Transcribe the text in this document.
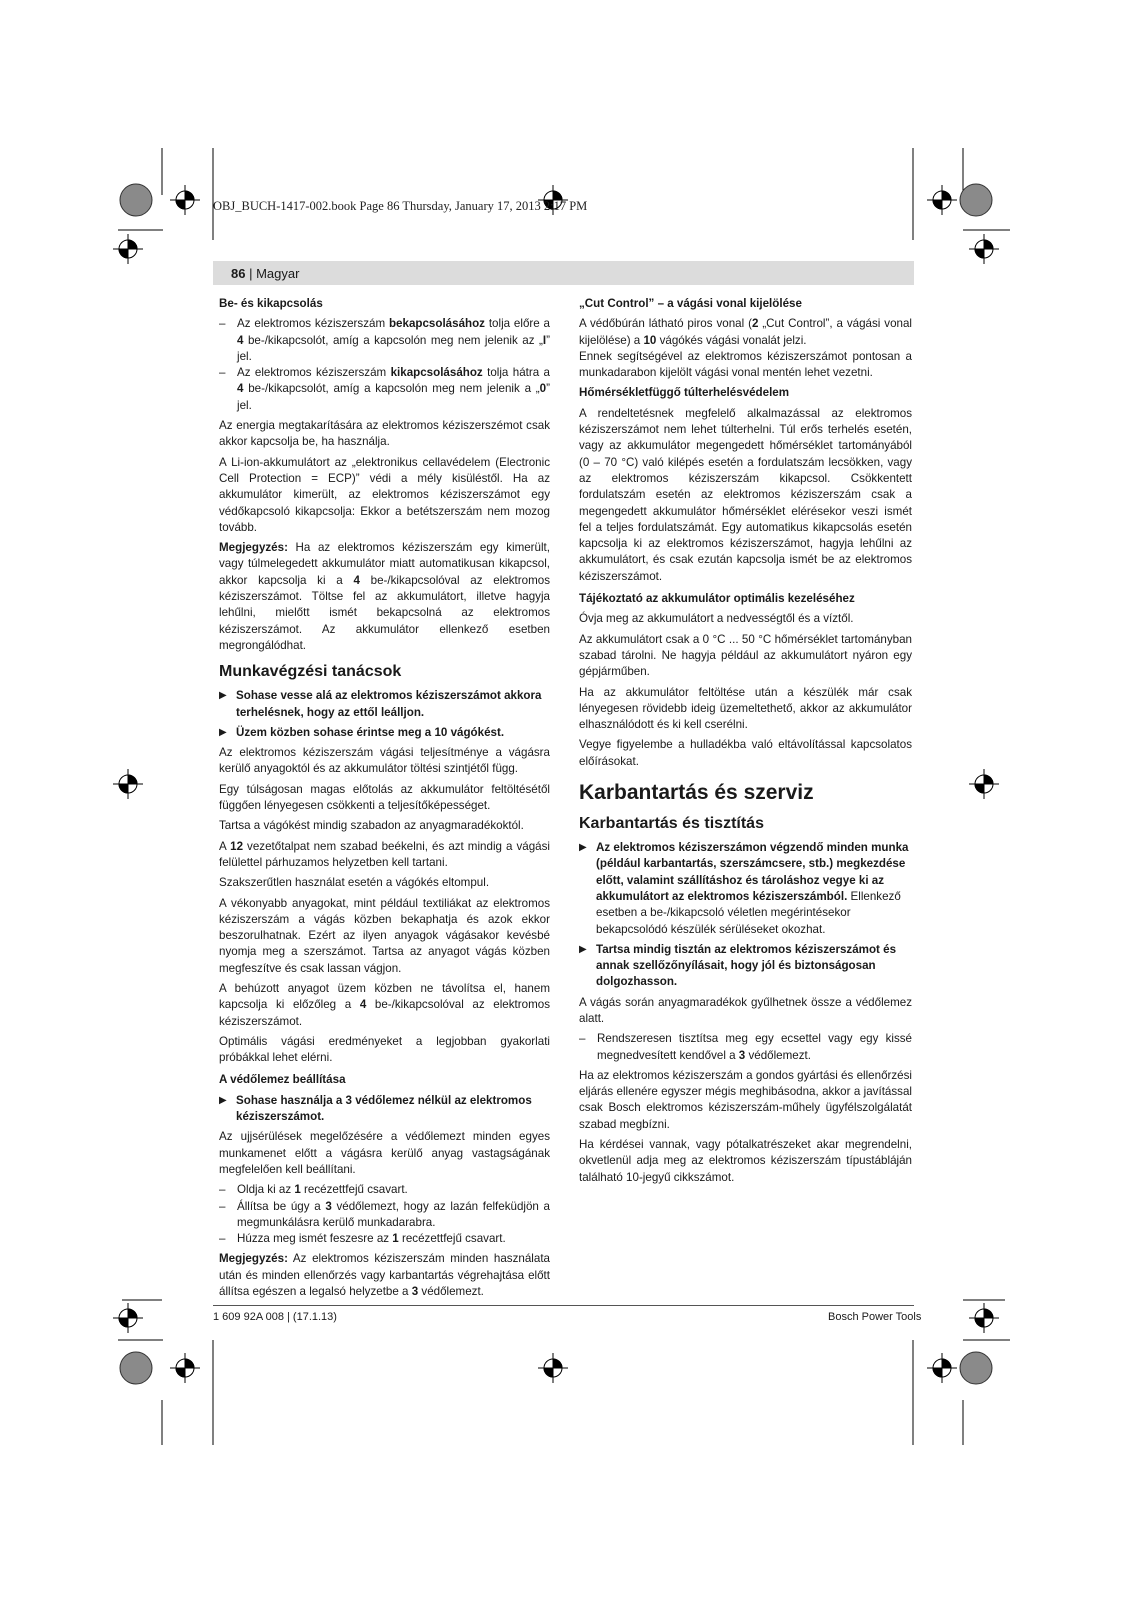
OBJ_BUCH-1417-002.book Page 86 Thursday, January 17, 2013 2:17 PM
86 | Magyar
Be- és kikapcsolás
– Az elektromos kéziszerszám bekapcsolásához tolja előre a 4 be-/kikapcsolót, amíg a kapcsolón meg nem jelenik az „I” jel.
– Az elektromos kéziszerszám kikapcsolásához tolja hátra a 4 be-/kikapcsolót, amíg a kapcsolón meg nem jelenik a „0” jel.

Az energia megtakarítására az elektromos kéziszerszémot csak akkor kapcsolja be, ha használja.

A Li-ion-akkumulátort az „elektronikus cellavédelem (Electronic Cell Protection = ECP)” védi a mély kisüléstől. Ha az akkumulátor kimerült, az elektromos kéziszerszámot egy védőkapcsoló kikapcsolja: Ekkor a betétszerszám nem mozog tovább.

Megjegyzés: Ha az elektromos kéziszerszám egy kimerült, vagy túlmelegedett akkumulátor miatt automatikusan kikapcsol, akkor kapcsolja ki a 4 be-/kikapcsolóval az elektromos kéziszerszámot. Töltse fel az akkumulátort, illetve hagyja lehűlni, mielőtt ismét bekapcsolná az elektromos kéziszerszámot. Az akkumulátor ellenkező esetben megrongálódhat.

Munkavégzési tanácsok
▶ Sohase vesse alá az elektromos kéziszerszámot akkora terhelésnek, hogy az ettől leálljon.
▶ Üzem közben sohase érintse meg a 10 vágókést.

Az elektromos kéziszerszám vágási teljesítménye a vágásra kerülő anyagoktól és az akkumulátor töltési szintjétől függ.

Egy túlságosan magas előtolás az akkumulátor feltöltésétől függően lényegesen csökkenti a teljesítőképességet.

Tartsa a vágókést mindig szabadon az anyagmaradékoktól.

A 12 vezetőtalpat nem szabad beékelni, és azt mindig a vágási felülettel párhuzamos helyzetben kell tartani.

Szakszerűtlen használat esetén a vágókés eltompul.

A vékonyabb anyagokat, mint például textiliákat az elektromos kéziszerszám a vágás közben bekaphatja és azok ekkor beszorulhatnak. Ezért az ilyen anyagok vágásakor kevésbé nyomja meg a szerszámot. Tartsa az anyagot vágás közben megfeszítve és csak lassan vágjon.

A behúzott anyagot üzem közben ne távolítsa el, hanem kapcsolja ki előzőleg a 4 be-/kikapcsolóval az elektromos kéziszerszámot.

Optimális vágási eredményeket a legjobban gyakorlati próbákkal lehet elérni.

A védőlemez beállítása
▶ Sohase használja a 3 védőlemez nélkül az elektromos kéziszerszámot.

Az ujjsérülések megelőzésére a védőlemezt minden egyes munkamenet előtt a vágásra kerülő anyag vastagságának megfelelően kell beállítani.

– Oldja ki az 1 recézettfejű csavart.
– Állítsa be úgy a 3 védőlemezt, hogy az lazán felfeküdjön a megmunkálásra kerülő munkadarabra.
– Húzza meg ismét feszesre az 1 recézettfejű csavart.

Megjegyzés: Az elektromos kéziszerszám minden használata után és minden ellenőrzés vagy karbantartás végrehajtása előtt állítsa egészen a legalsó helyzetbe a 3 védőlemezt.

„Cut Control” – a vágási vonal kijelölése

A védőbúrán látható piros vonal (2 „Cut Control”, a vágási vonal kijelölése) a 10 vágókés vágási vonalát jelzi.

Ennek segítségével az elektromos kéziszerszámot pontosan a munkadarabon kijelölt vágási vonal mentén lehet vezetni.

Hőmérsékletfüggő túlterhelésvédelem

A rendeltetésnek megfelelő alkalmazással az elektromos kéziszerszámot nem lehet túlterhelni. Túl erős terhelés esetén, vagy az akkumulátor megengedett hőmérséklet tartományából (0 – 70 °C) való kilépés esetén a fordulatszám lecsökken, vagy az elektromos kéziszerszám kikapcsol. Csökkentett fordulatszám esetén az elektromos kéziszerszám csak a megengedett akkumulátor hőmérséklet elérésekor veszi ismét fel a teljes fordulatszámát. Egy automatikus kikapcsolás esetén kapcsolja ki az elektromos kéziszerszámot, hagyja lehűlni az akkumulátort, és csak ezután kapcsolja ismét be az elektromos kéziszerszámot.

Tájékoztató az akkumulátor optimális kezeléséhez

Óvja meg az akkumulátort a nedvességtől és a víztől.

Az akkumulátort csak a 0 °C ... 50 °C hőmérséklet tartományban szabad tárolni. Ne hagyja például az akkumulátort nyáron egy gépjárműben.

Ha az akkumulátor feltöltése után a készülék már csak lényegesen rövidebb ideig üzemeltethető, akkor az akkumulátor elhasználódott és ki kell cserélni.

Vegye figyelembe a hulladékba való eltávolítással kapcsolatos előírásokat.

Karbantartás és szerviz
Karbantartás és tisztítás
▶ Az elektromos kéziszerszámon végzendő minden munka (például karbantartás, szerszámcsere, stb.) megkezdése előtt, valamint szállításhoz és tároláshoz vegye ki az akkumulátort az elektromos kéziszerszámból. Ellenkező esetben a be-/kikapcsoló véletlen megérintésekor bekapcsolódó készülék sérüléseket okozhat.
▶ Tartsa mindig tisztán az elektromos kéziszerszámot és annak szellőzőnyílásait, hogy jól és biztonságosan dolgozhasson.

A vágás során anyagmaradékok gyűlhetnek össze a védőlemez alatt.

– Rendszeresen tisztítsa meg egy ecsettel vagy egy kissé megnedvesített kendővel a 3 védőlemezt.

Ha az elektromos kéziszerszám a gondos gyártási és ellenőrzési eljárás ellenére egyszer mégis meghibásodna, akkor a javítással csak Bosch elektromos kéziszerszám-műhely ügyfélszolgálatát szabad megbízni.

Ha kérdései vannak, vagy pótalkatrészeket akar megrendelni, okvetlenül adja meg az elektromos kéziszerszám típustábláján található 10-jegyű cikkszámot.

1 609 92A 008 | (17.1.13)	Bosch Power Tools
